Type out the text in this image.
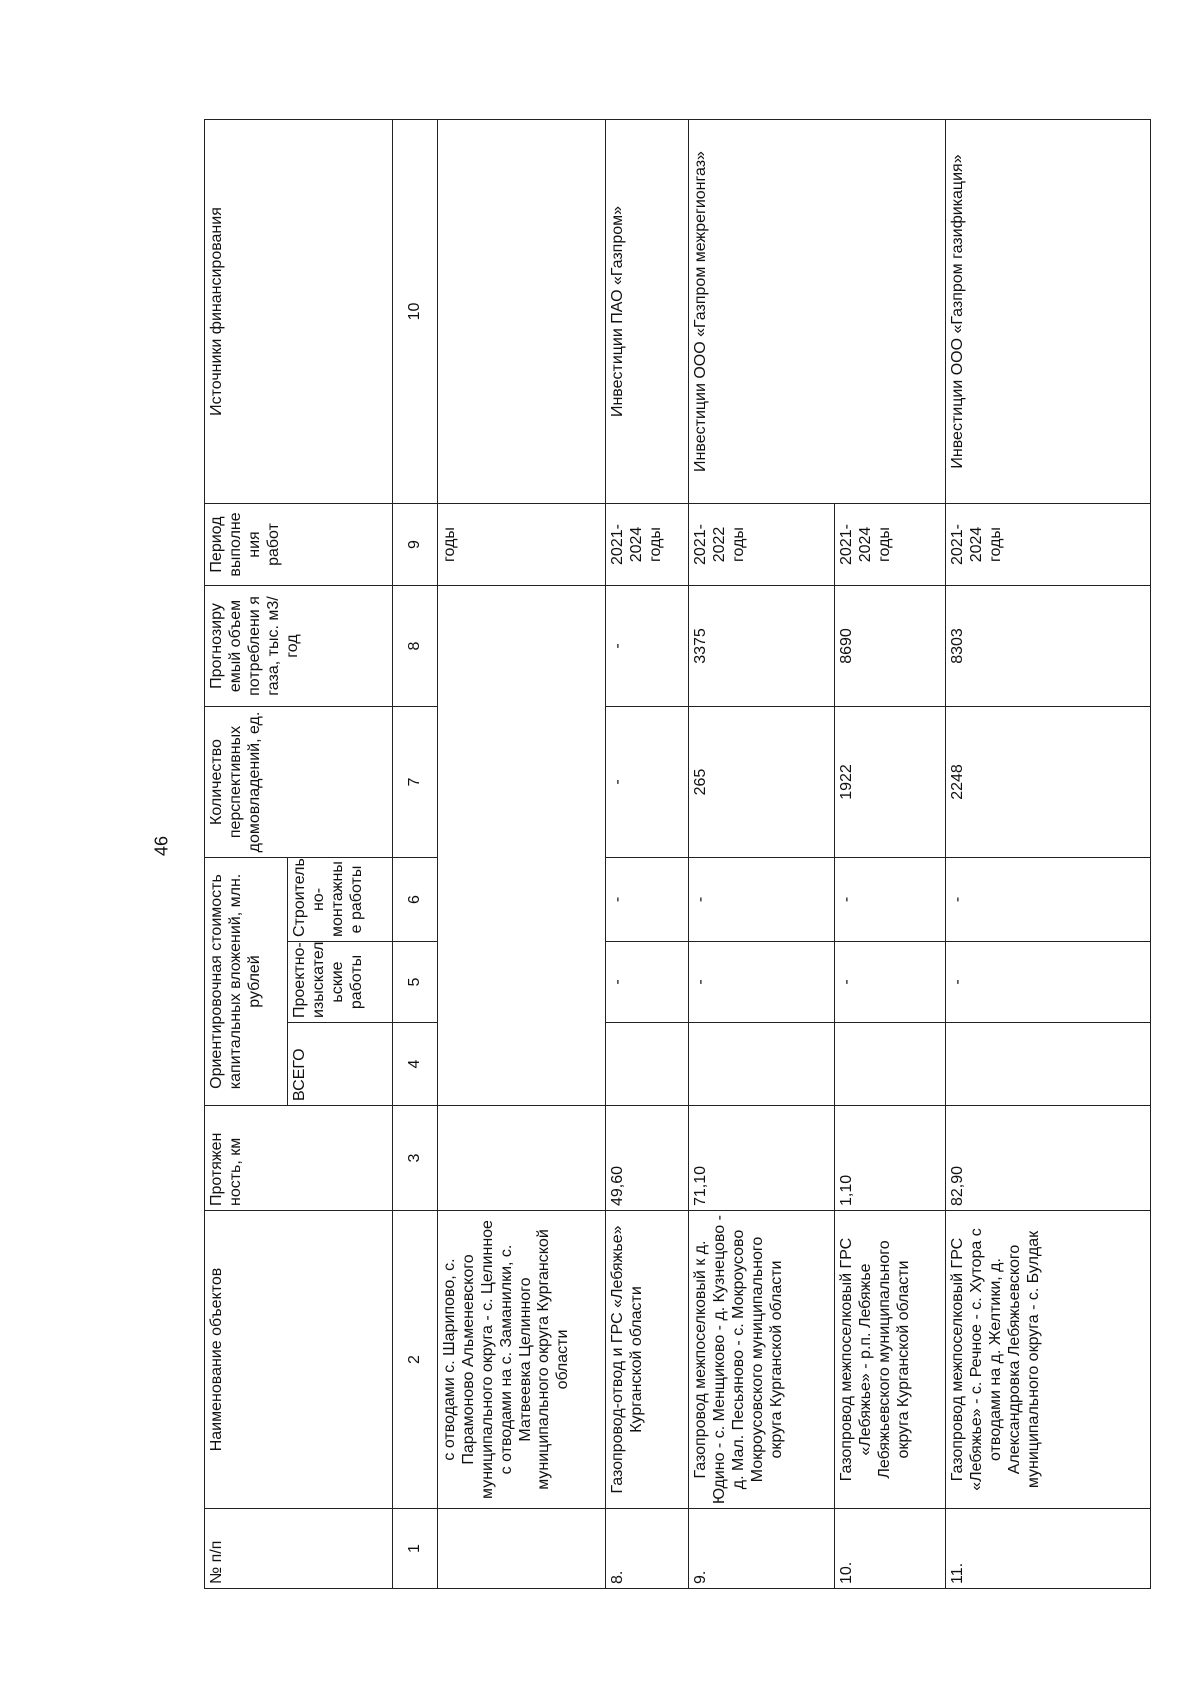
46
№ п/п	Наименование объектов	Протяжен ность, км	Ориентировочная стоимость капитальных вложений, млн. рублей			Количество перспективных домовладений, ед.	Прогнозиру емый объем потреблени я газа, тыс. м3/год	Период выполне ния работ	Источники финансирования
			ВСЕГО	Проектно-изыскател ьские работы	Строитель но-монтажны е работы				
1	2	3	4	5	6	7	8	9	10
	с отводами с. Шарипово, с. Парамоново Альменевского муниципального округа - с. Целинное с отводами на с. Заманилки, с. Матвеевка Целинного муниципального округа Курганской области							годы	
8.	Газопровод-отвод и ГРС «Лебяжье» Курганской области	49,60		-	-	-	-	2021-2024 годы	Инвестиции ПАО «Газпром»
9.	Газопровод межпоселковый к д. Юдино - с. Менщиково - д. Кузнецово - д. Мал. Песьяново - с. Мокроусово Мокроусовского муниципального округа Курганской области	71,10		-	-	265	3375	2021-2022 годы	Инвестиции ООО «Газпром межрегионгаз»
10.	Газопровод межпоселковый ГРС «Лебяжье» - р.п. Лебяжье Лебяжьевского муниципального округа Курганской области	1,10		-	-	1922	8690	2021-2024 годы	
11.	Газопровод межпоселковый ГРС «Лебяжье» - с. Речное - с. Хутора с отводами на д. Желтики, д. Александровка Лебяжьевского муниципального округа - с. Булдак	82,90		-	-	2248	8303	2021-2024 годы	Инвестиции ООО «Газпром газификация»
